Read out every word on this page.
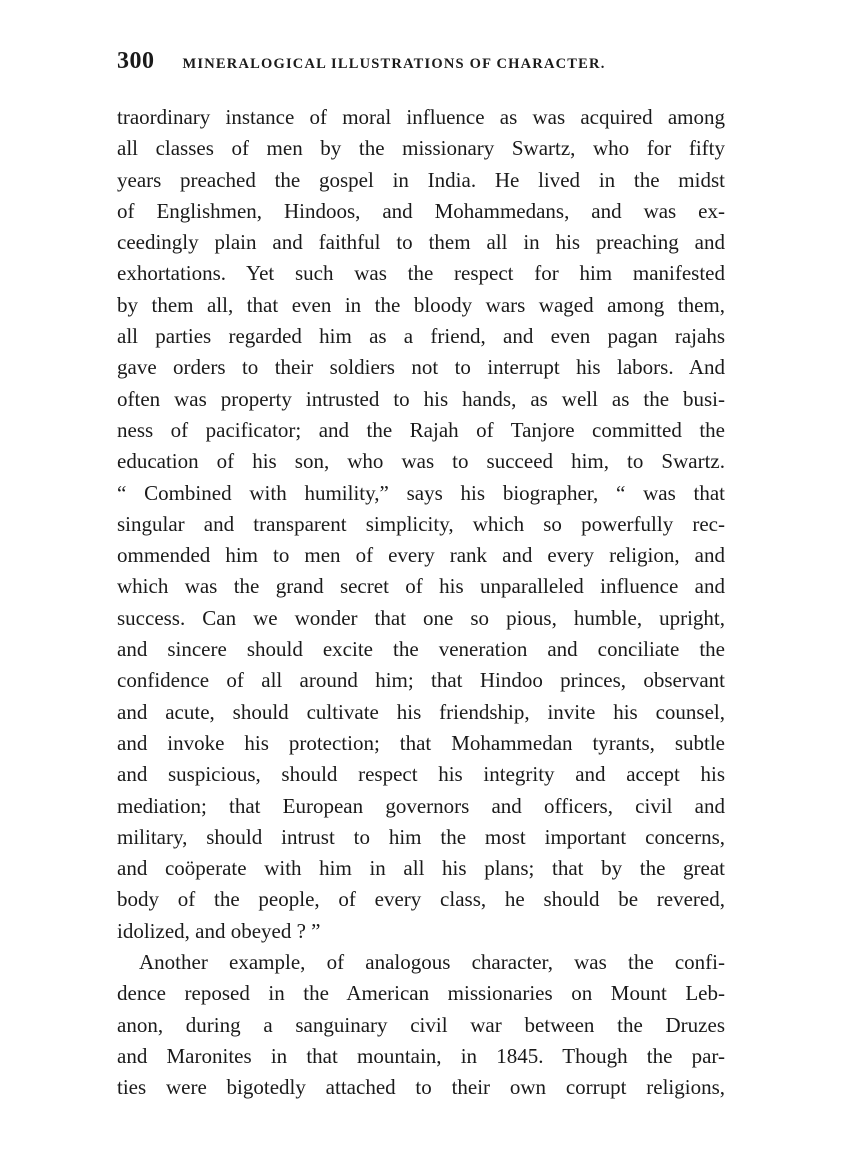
300 MINERALOGICAL ILLUSTRATIONS OF CHARACTER.
traordinary instance of moral influence as was acquired among
all classes of men by the missionary Swartz, who for fifty
years preached the gospel in India. He lived in the midst
of Englishmen, Hindoos, and Mohammedans, and was ex-
ceedingly plain and faithful to them all in his preaching and
exhortations. Yet such was the respect for him manifested
by them all, that even in the bloody wars waged among them,
all parties regarded him as a friend, and even pagan rajahs
gave orders to their soldiers not to interrupt his labors. And
often was property intrusted to his hands, as well as the busi-
ness of pacificator; and the Rajah of Tanjore committed the
education of his son, who was to succeed him, to Swartz.
“ Combined with humility,” says his biographer, “ was that
singular and transparent simplicity, which so powerfully rec-
ommended him to men of every rank and every religion, and
which was the grand secret of his unparalleled influence and
success. Can we wonder that one so pious, humble, upright,
and sincere should excite the veneration and conciliate the
confidence of all around him; that Hindoo princes, observant
and acute, should cultivate his friendship, invite his counsel,
and invoke his protection; that Mohammedan tyrants, subtle
and suspicious, should respect his integrity and accept his
mediation; that European governors and officers, civil and
military, should intrust to him the most important concerns,
and coöperate with him in all his plans; that by the great
body of the people, of every class, he should be revered,
idolized, and obeyed ? ”
Another example, of analogous character, was the confi-
dence reposed in the American missionaries on Mount Leb-
anon, during a sanguinary civil war between the Druzes
and Maronites in that mountain, in 1845. Though the par-
ties were bigotedly attached to their own corrupt religions,
